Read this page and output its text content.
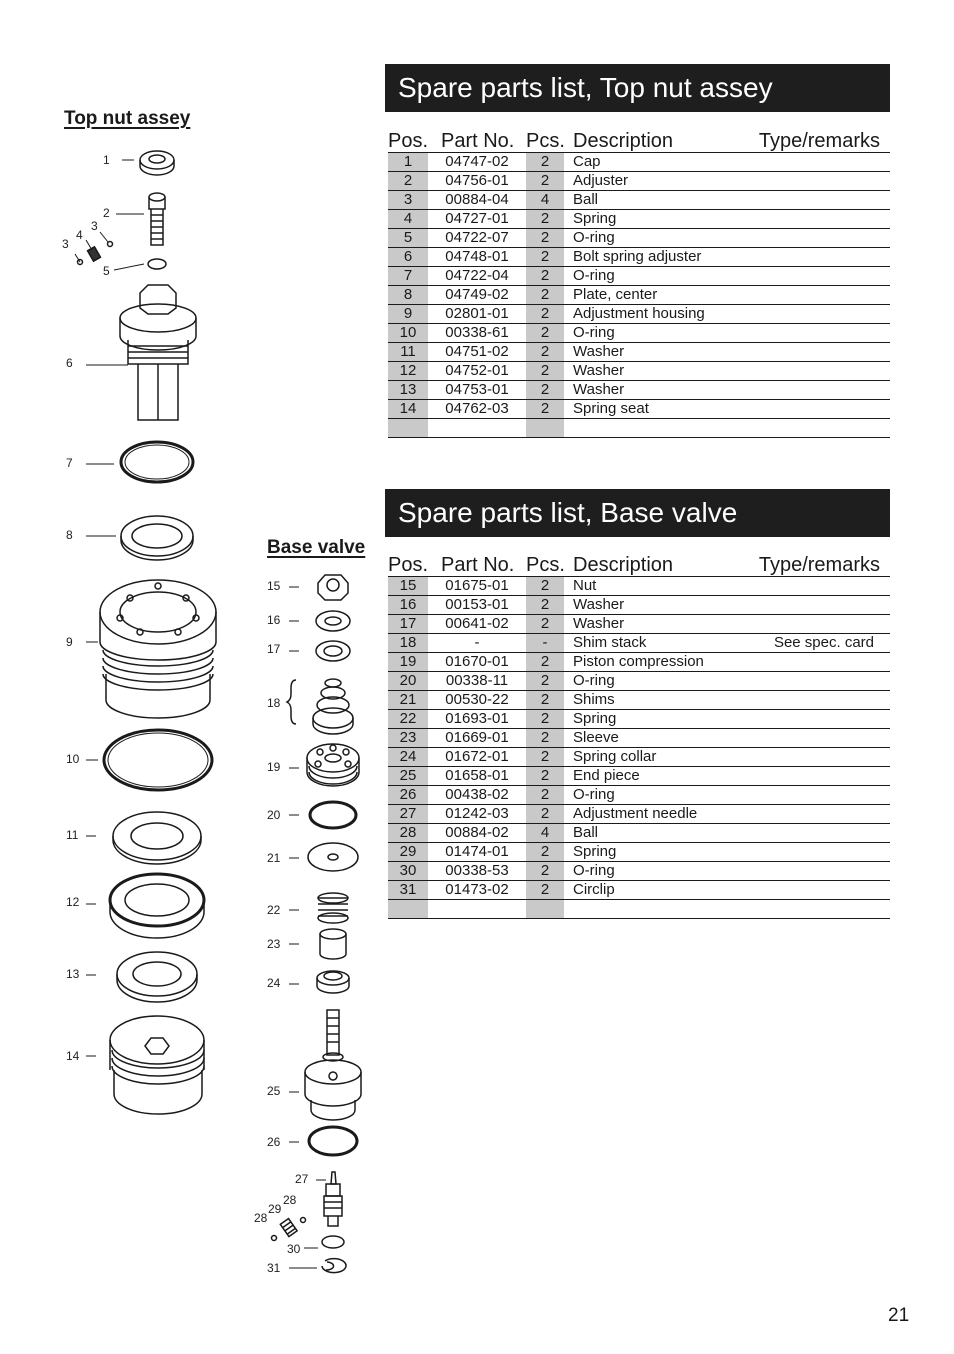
Top nut assey
Base valve
1
2
3
4
3
5
6
7
8
9
10
11
12
13
14
15
16
17
18
19
20
21
22
23
24
25
26
27
28
29
28
30
31
Spare parts list, Top nut assey
Pos.	Part No.	Pcs.	Description	Type/remarks
1	04747-02	2	Cap	
2	04756-01	2	Adjuster	
3	00884-04	4	Ball	
4	04727-01	2	Spring	
5	04722-07	2	O-ring	
6	04748-01	2	Bolt spring adjuster	
7	04722-04	2	O-ring	
8	04749-02	2	Plate, center	
9	02801-01	2	Adjustment housing	
10	00338-61	2	O-ring	
11	04751-02	2	Washer	
12	04752-01	2	Washer	
13	04753-01	2	Washer	
14	04762-03	2	Spring seat	

Spare parts list, Base valve
Pos.	Part No.	Pcs.	Description	Type/remarks
15	01675-01	2	Nut	
16	00153-01	2	Washer	
17	00641-02	2	Washer	
18	-	-	Shim stack	See spec. card
19	01670-01	2	Piston compression	
20	00338-11	2	O-ring	
21	00530-22	2	Shims	
22	01693-01	2	Spring	
23	01669-01	2	Sleeve	
24	01672-01	2	Spring collar	
25	01658-01	2	End piece	
26	00438-02	2	O-ring	
27	01242-03	2	Adjustment needle	
28	00884-02	4	Ball	
29	01474-01	2	Spring	
30	00338-53	2	O-ring	
31	01473-02	2	Circlip	

21
